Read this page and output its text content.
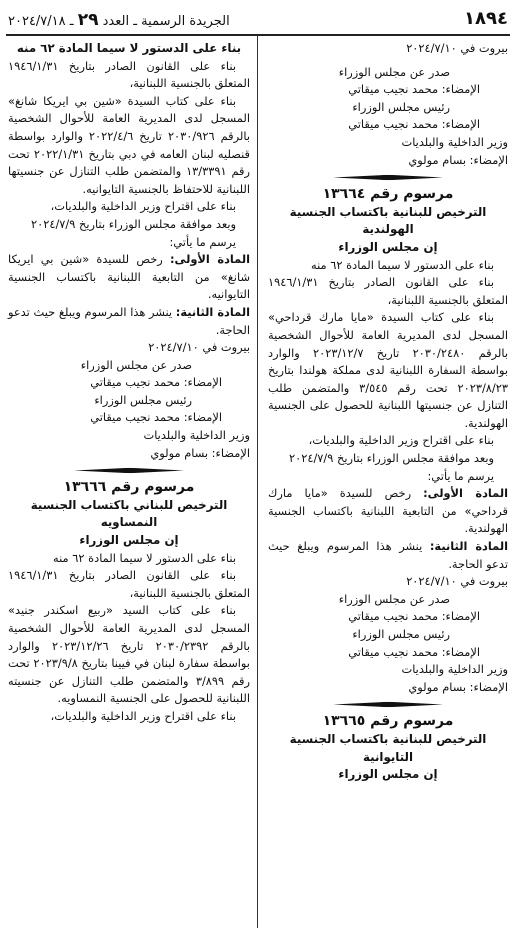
١٨٩٤
الجريدة الرسمية ـ العدد ٢٩ ـ ٢٠٢٤/٧/١٨

بيروت في ٢٠٢٤/٧/١٠

صدر عن مجلس الوزراء

الإمضاء: محمد نجيب ميقاتي

رئيس مجلس الوزراء

الإمضاء: محمد نجيب ميقاتي

وزير الداخلية والبلديات

الإمضاء: بسام مولوي

مرسوم رقم ١٣٦٦٤

الترخيص للبنانية باكتساب الجنسية الهولندية

إن مجلس الوزراء

بناء على الدستور لا سيما المادة ٦٢ منه

بناء على القانون الصادر بتاريخ ١٩٤٦/١/٣١ المتعلق بالجنسية اللبنانية،

بناء على كتاب السيدة «مايا مارك قرداحي» المسجل لدى المديرية العامة للأحوال الشخصية بالرقم ٢٠٣٠/٢٤٨٠ تاريخ ٢٠٢٣/١٢/٧ والوارد بواسطة السفارة اللبنانية لدى مملكة هولندا بتاريخ ٢٠٢٣/٨/٢٣ تحت رقم ٣/٥٤٥ والمتضمن طلب التنازل عن جنسيتها اللبنانية للحصول على الجنسية الهولندية.

بناء على اقتراح وزير الداخلية والبلديات،

وبعد موافقة مجلس الوزراء بتاريخ ٢٠٢٤/٧/٩

يرسم ما يأتي:

المادة الأولى: رخص للسيدة «مايا مارك قرداحي» من التابعية اللبنانية باكتساب الجنسية الهولندية.

المادة الثانية: ينشر هذا المرسوم ويبلغ حيث تدعو الحاجة.

بيروت في ٢٠٢٤/٧/١٠

صدر عن مجلس الوزراء

الإمضاء: محمد نجيب ميقاتي

رئيس مجلس الوزراء

الإمضاء: محمد نجيب ميقاتي

وزير الداخلية والبلديات

الإمضاء: بسام مولوي

مرسوم رقم ١٣٦٦٥

الترخيص للبنانية باكتساب الجنسية التايوانية

إن مجلس الوزراء

بناء على الدستور لا سيما المادة ٦٢ منه

بناء على القانون الصادر بتاريخ ١٩٤٦/١/٣١ المتعلق بالجنسية اللبنانية،

بناء على كتاب السيدة «شين بي ايريكا شانغ» المسجل لدى المديرية العامة للأحوال الشخصية بالرقم ٢٠٣٠/٩٢٦ تاريخ ٢٠٢٢/٤/٦ والوارد بواسطة قنصليه لبنان العامه في دبي بتاريخ ٢٠٢٢/١/٣١ تحت رقم ١٣/٣٣٩١ والمتضمن طلب التنازل عن جنسيتها اللبنانية للاحتفاظ بالجنسية التايوانيه.

بناء على اقتراح وزير الداخلية والبلديات،

وبعد موافقة مجلس الوزراء بتاريخ ٢٠٢٤/٧/٩

يرسم ما يأتي:

المادة الأولى: رخص للسيدة «شين بي ايريكا شانغ» من التابعية اللبنانية باكتساب الجنسية التايوانيه.

المادة الثانية: ينشر هذا المرسوم ويبلغ حيث تدعو الحاجة.

بيروت في ٢٠٢٤/٧/١٠

صدر عن مجلس الوزراء

الإمضاء: محمد نجيب ميقاتي

رئيس مجلس الوزراء

الإمضاء: محمد نجيب ميقاتي

وزير الداخلية والبلديات

الإمضاء: بسام مولوي

مرسوم رقم ١٣٦٦٦

الترخيص للبناني باكتساب الجنسية النمساويه

إن مجلس الوزراء

بناء على الدستور لا سيما المادة ٦٢ منه

بناء على القانون الصادر بتاريخ ١٩٤٦/١/٣١ المتعلق بالجنسية اللبنانية،

بناء على كتاب السيد «ربيع اسكندر جنيد» المسجل لدى المديرية العامة للأحوال الشخصية بالرقم ٢٠٣٠/٢٣٩٢ تاريخ ٢٠٢٣/١٢/٢٦ والوارد بواسطة سفارة لبنان في فيينا بتاريخ ٢٠٢٣/٩/٨ تحت رقم ٣/٨٩٩ والمتضمن طلب التنازل عن جنسيته اللبنانية للحصول على الجنسية النمساويه.

بناء على اقتراح وزير الداخلية والبلديات،
